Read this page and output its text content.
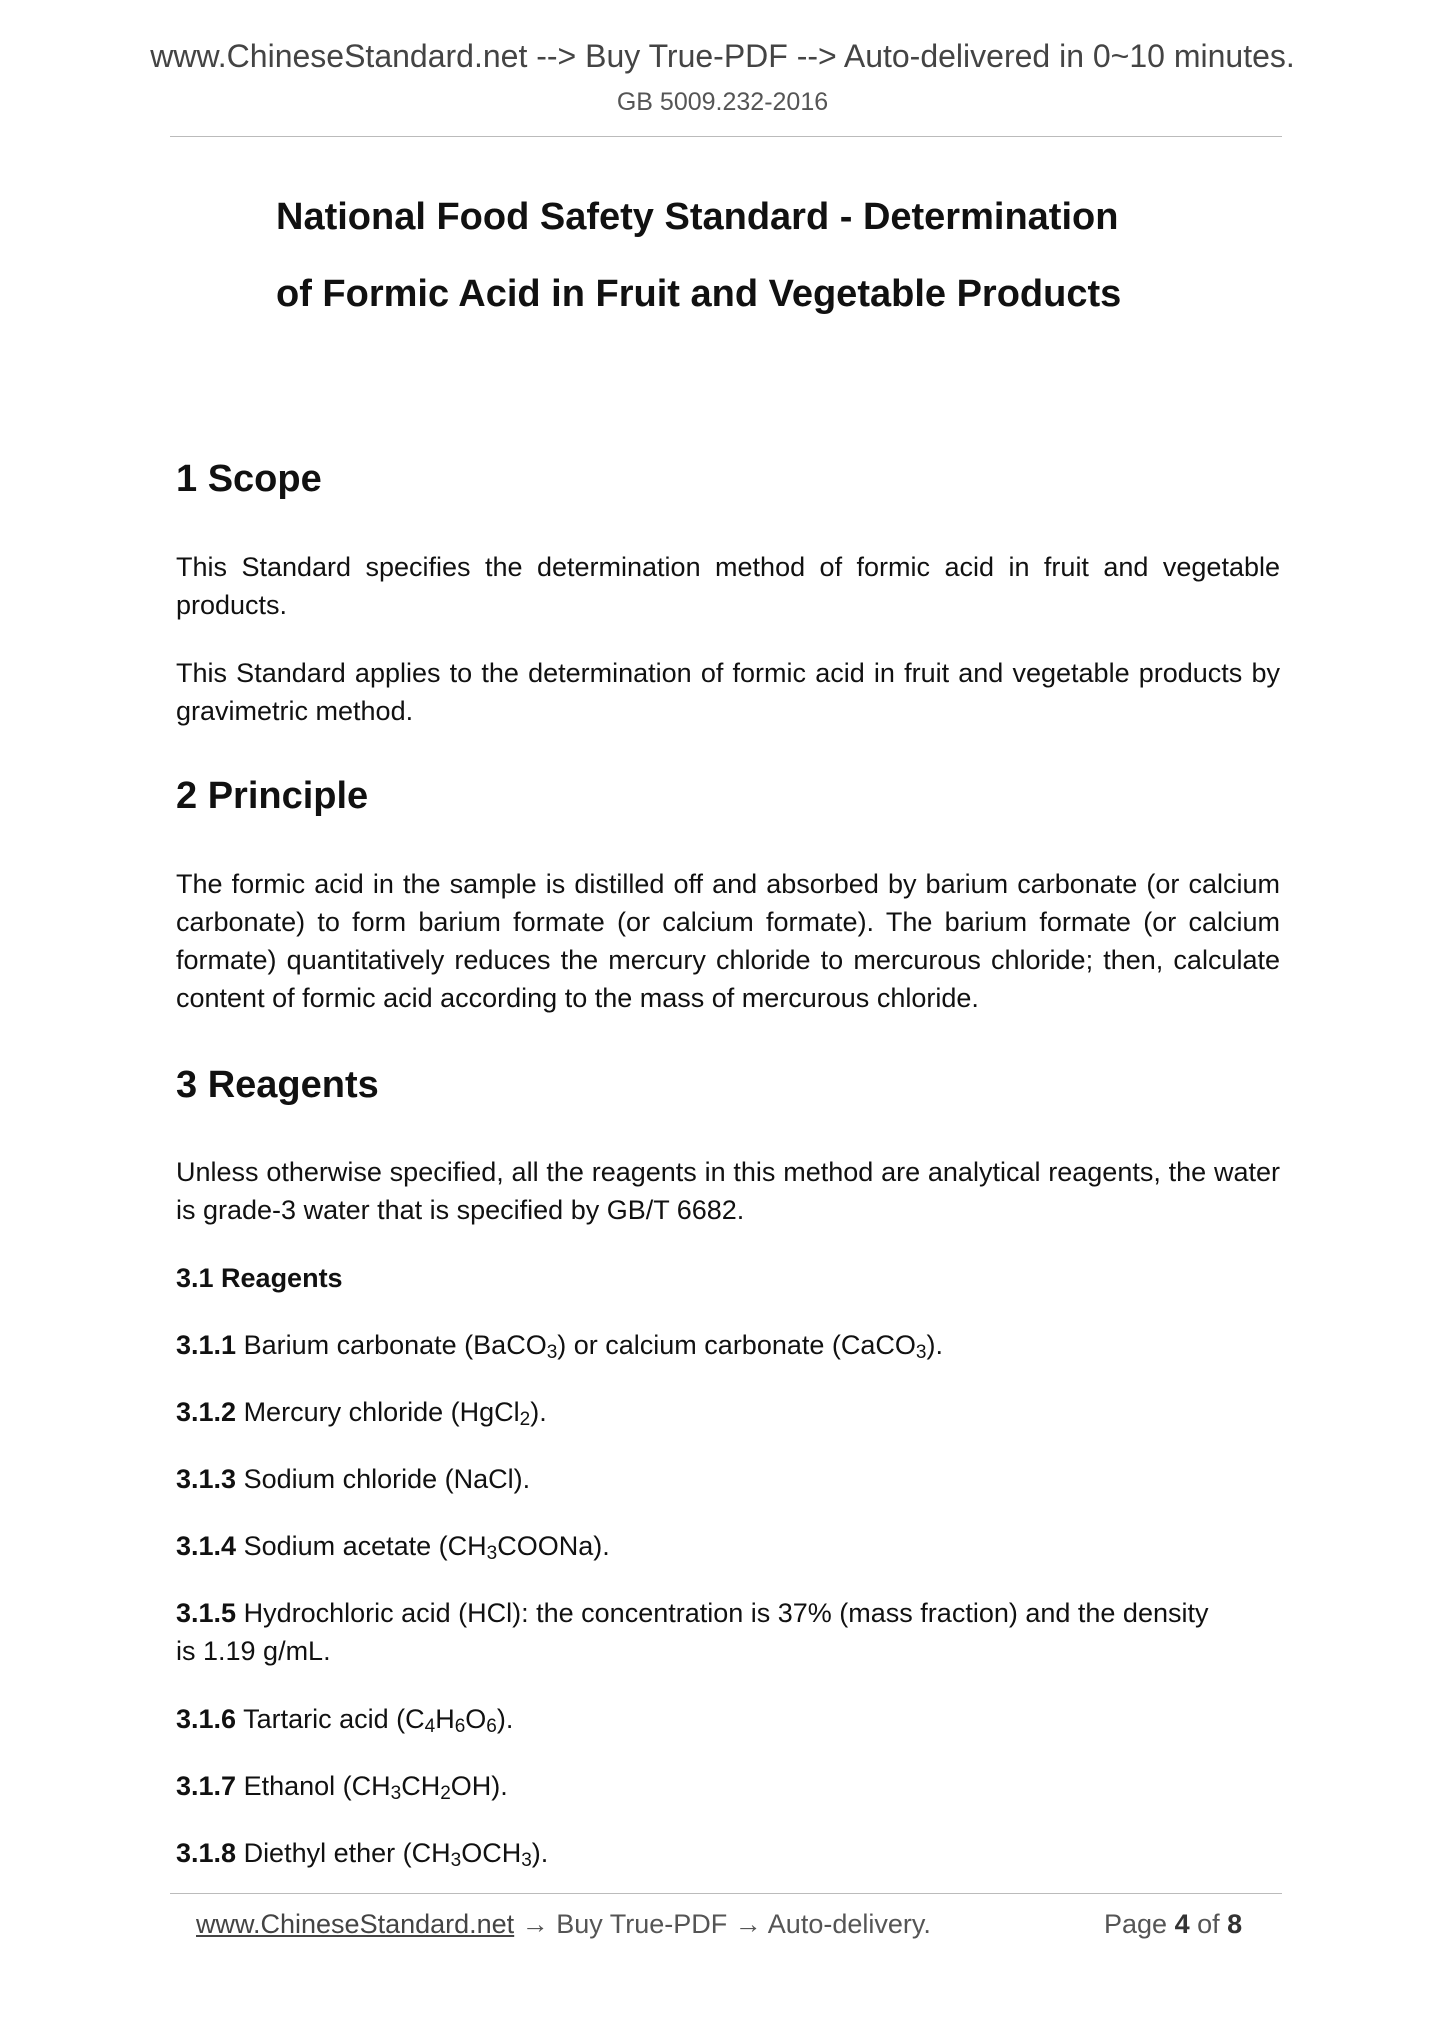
www.ChineseStandard.net --> Buy True-PDF --> Auto-delivered in 0~10 minutes.
GB 5009.232-2016
National Food Safety Standard - Determination
of Formic Acid in Fruit and Vegetable Products
1 Scope
This Standard specifies the determination method of formic acid in fruit and vegetable products.
This Standard applies to the determination of formic acid in fruit and vegetable products by gravimetric method.
2 Principle
The formic acid in the sample is distilled off and absorbed by barium carbonate (or calcium carbonate) to form barium formate (or calcium formate). The barium formate (or calcium formate) quantitatively reduces the mercury chloride to mercurous chloride; then, calculate content of formic acid according to the mass of mercurous chloride.
3 Reagents
Unless otherwise specified, all the reagents in this method are analytical reagents, the water is grade-3 water that is specified by GB/T 6682.
3.1 Reagents
3.1.1 Barium carbonate (BaCO$_3$) or calcium carbonate (CaCO$_3$).
3.1.2 Mercury chloride (HgCl$_2$).
3.1.3 Sodium chloride (NaCl).
3.1.4 Sodium acetate $(CH_3COONa)$.
3.1.5 Hydrochloric acid (HCl): the concentration is 37% (mass fraction) and the density
is 1.19 g/mL.
3.1.6 Tartaric acid $(C_4H_6O_6)$.
3.1.7 Ethanol $(CH_3CH_2OH)$.
3.1.8 Diethyl ether $(CH_3OCH_3)$.
www.ChineseStandard.net → Buy True-PDF → Auto-delivery.	Page 4 of 8
